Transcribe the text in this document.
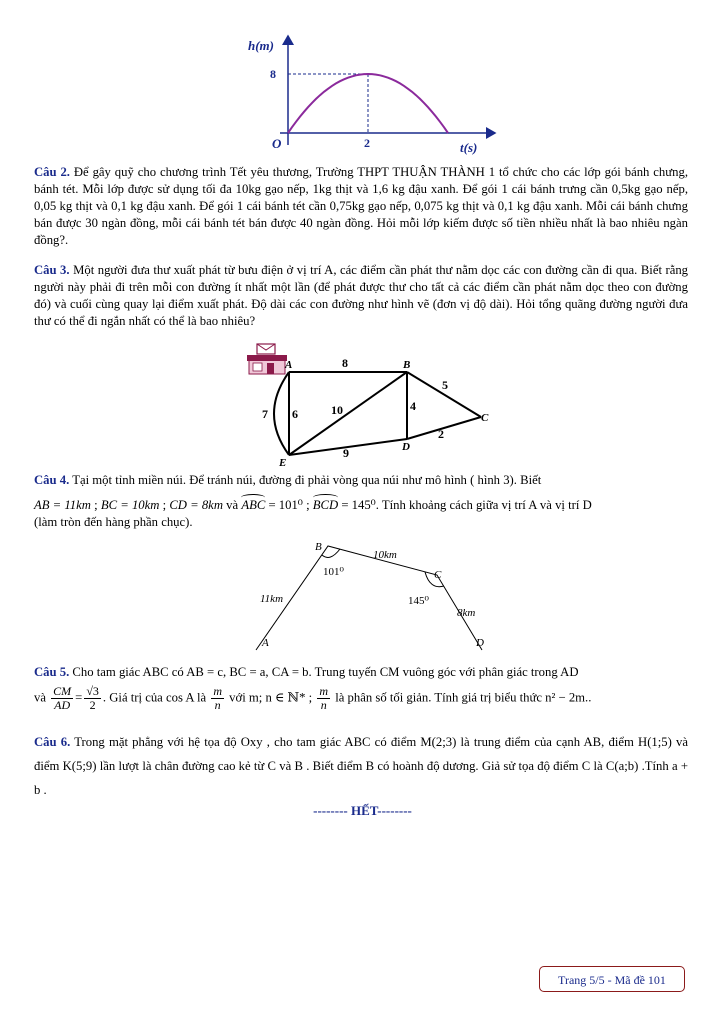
h(m)
t(s)
O
8
2

Câu 2. Để gây quỹ cho chương trình Tết yêu thương, Trường THPT THUẬN THÀNH 1 tổ chức cho các lớp gói bánh chưng, bánh tét. Mỗi lớp được sử dụng tối đa 10kg gạo nếp, 1kg thịt và 1,6 kg đậu xanh. Để gói 1 cái bánh trưng cần 0,5kg gạo nếp, 0,05 kg thịt và 0,1 kg đậu xanh. Để gói 1 cái bánh tét cần 0,75kg gạo nếp, 0,075 kg thịt và 0,1 kg đậu xanh. Mỗi cái bánh chưng bán được 30 ngàn đồng, mỗi cái bánh tét bán được 40 ngàn đồng. Hỏi mỗi lớp kiếm được số tiền nhiều nhất là bao nhiêu ngàn đồng?.

Câu 3. Một người đưa thư xuất phát từ bưu điện ở vị trí A, các điểm cần phát thư nằm dọc các con đường cần đi qua. Biết rằng người này phải đi trên mỗi con đường ít nhất một lần (để phát được thư cho tất cả các điểm cần phát nằm dọc theo con đường đó) và cuối cùng quay lại điểm xuất phát. Độ dài các con đường như hình vẽ (đơn vị độ dài). Hỏi tổng quãng đường người đưa thư có thể đi ngắn nhất có thể là bao nhiêu?

A	B
C
D
E
8
5
4
2
9
10
6
7
Câu 4. Tại một tỉnh miền núi. Để tránh núi, đường đi phải vòng qua núi như mô hình ( hình 3). Biết
AB = 11km ; BC = 10km ; CD = 8km và ABC = 101⁰ ; BCD = 145⁰. Tính khoảng cách giữa vị trí A và vị trí D
(làm tròn đến hàng phần chục).
A
B
C
D
11km
10km
8km
101⁰
145⁰
Câu 5. Cho tam giác ABC có AB = c, BC = a, CA = b. Trung tuyến CM vuông góc với phân giác trong AD
và $\frac{CM}{AD} = \frac{√3}{2}$ . Giá trị của cos A là $\frac{m}{n}$ với m; n ∈ ℕ* ; $\frac{m}{n}$ là phân số tối giản. Tính giá trị biểu thức n² − 2m..

Câu 6. Trong mặt phẳng với hệ tọa độ Oxy , cho tam giác ABC có điểm M(2;3) là trung điểm của cạnh AB, điểm H(1;5) và điểm K(5;9) lần lượt là chân đường cao kẻ từ C và B . Biết điểm B có hoành độ dương. Giả sử tọa độ điểm C là C(a;b) .Tính a + b .

-------- HẾT--------
Trang 5/5 - Mã đề 101
